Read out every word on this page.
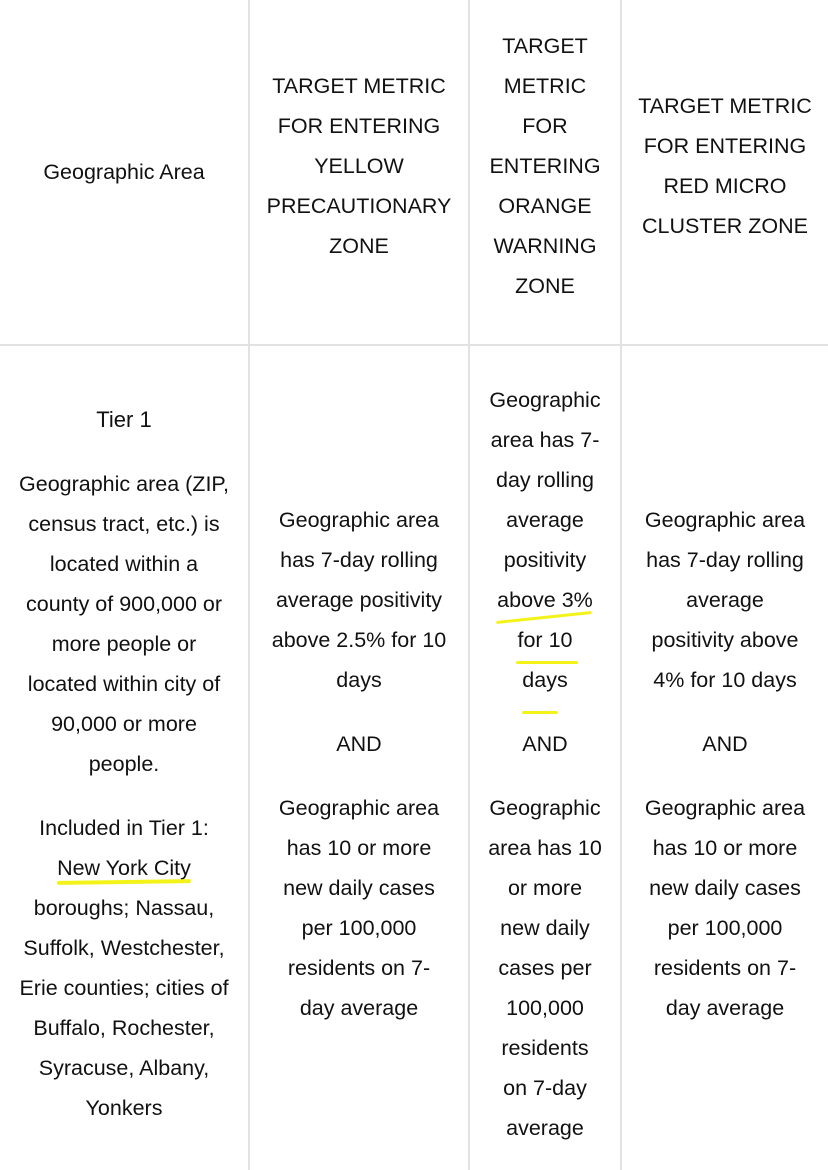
Geographic Area
TARGET METRIC
FOR ENTERING
YELLOW
PRECAUTIONARY
ZONE
TARGET
METRIC
FOR
ENTERING
ORANGE
WARNING
ZONE
TARGET METRIC
FOR ENTERING
RED MICRO
CLUSTER ZONE
Tier 1
Geographic area (ZIP,
census tract, etc.) is
located within a
county of 900,000 or
more people or
located within city of
90,000 or more
people.
Included in Tier 1:
New York City
boroughs; Nassau,
Suffolk, Westchester,
Erie counties; cities of
Buffalo, Rochester,
Syracuse, Albany,
Yonkers
Geographic area
has 7-day rolling
average positivity
above 2.5% for 10
days
AND
Geographic area
has 10 or more
new daily cases
per 100,000
residents on 7-
day average
Geographic
area has 7-
day rolling
average
positivity
above 3%
for 10
days
AND
Geographic
area has 10
or more
new daily
cases per
100,000
residents
on 7-day
average
Geographic area
has 7-day rolling
average
positivity above
4% for 10 days
AND
Geographic area
has 10 or more
new daily cases
per 100,000
residents on 7-
day average
